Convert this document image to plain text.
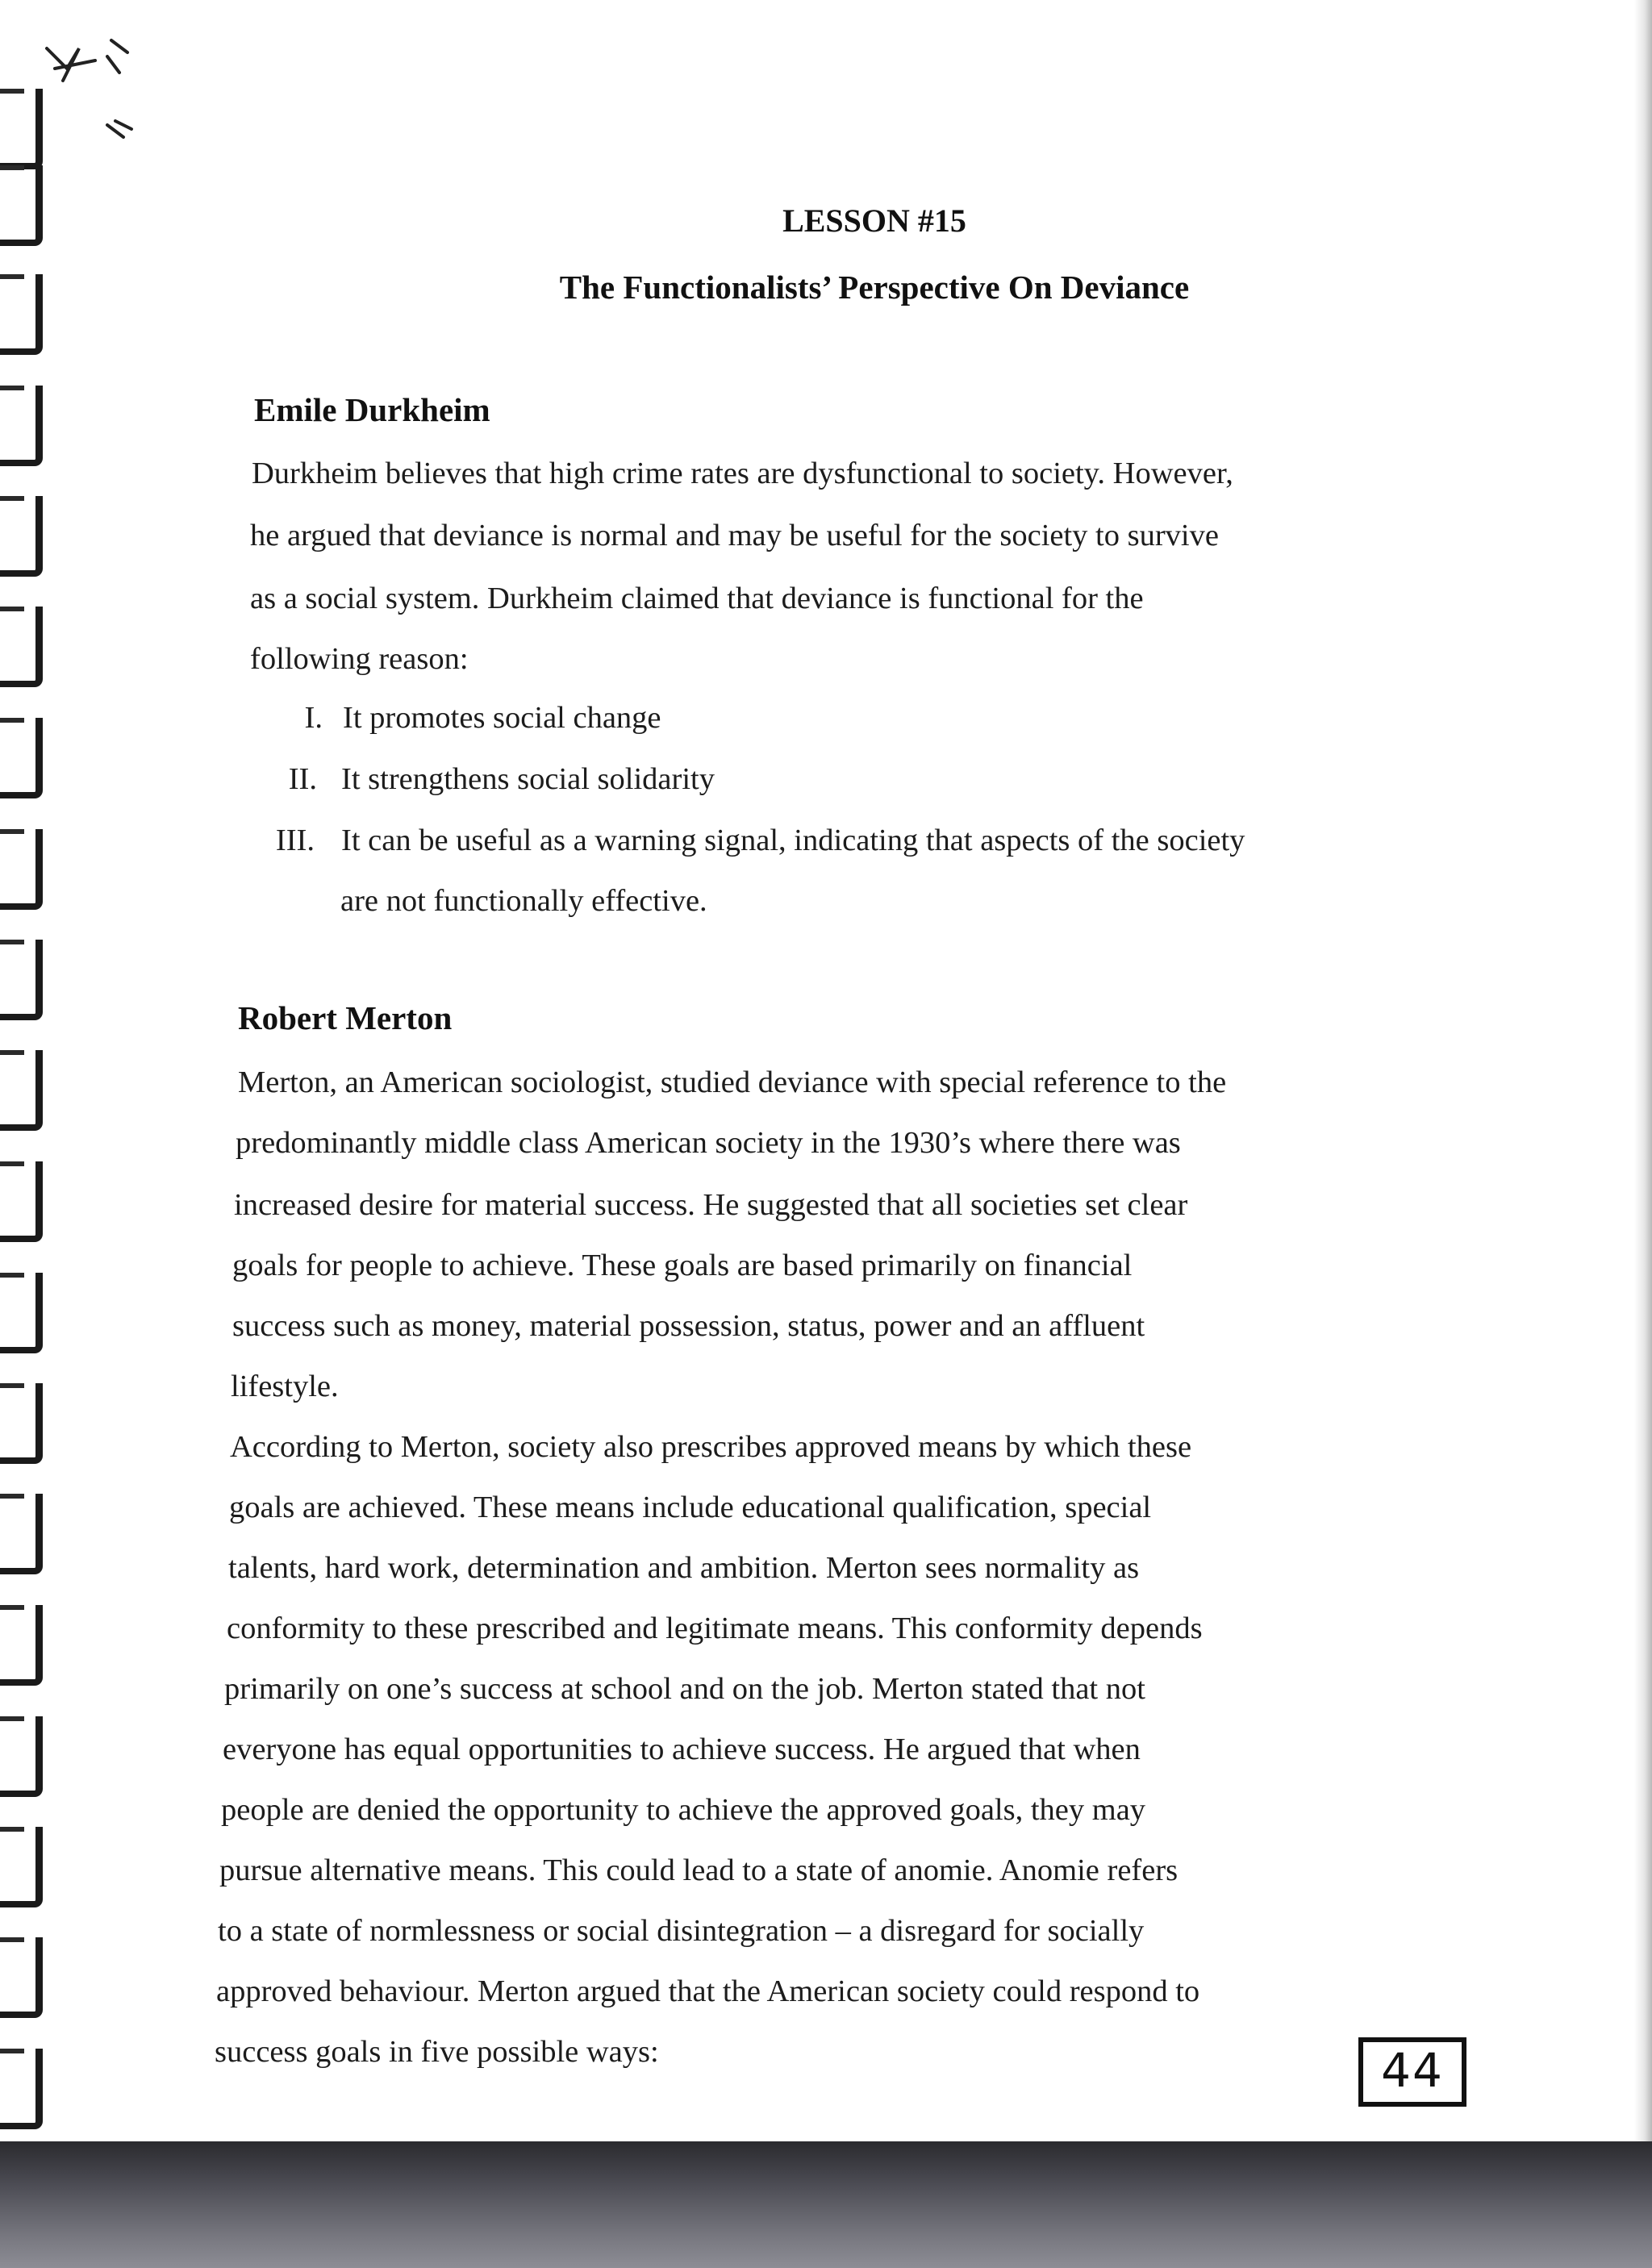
LESSON #15
The Functionalists’ Perspective On Deviance
Emile Durkheim
Durkheim believes that high crime rates are dysfunctional to society. However,
he argued that deviance is normal and may be useful for the society to survive
as a social system. Durkheim claimed that deviance is functional for the
following reason:
I. It promotes social change
II. It strengthens social solidarity
III. It can be useful as a warning signal, indicating that aspects of the society
are not functionally effective.
Robert Merton
Merton, an American sociologist, studied deviance with special reference to the
predominantly middle class American society in the 1930’s where there was
increased desire for material success. He suggested that all societies set clear
goals for people to achieve. These goals are based primarily on financial
success such as money, material possession, status, power and an affluent
lifestyle.
According to Merton, society also prescribes approved means by which these
goals are achieved. These means include educational qualification, special
talents, hard work, determination and ambition. Merton sees normality as
conformity to these prescribed and legitimate means. This conformity depends
primarily on one’s success at school and on the job. Merton stated that not
everyone has equal opportunities to achieve success. He argued that when
people are denied the opportunity to achieve the approved goals, they may
pursue alternative means. This could lead to a state of anomie. Anomie refers
to a state of normlessness or social disintegration – a disregard for socially
approved behaviour. Merton argued that the American society could respond to
success goals in five possible ways:	44
